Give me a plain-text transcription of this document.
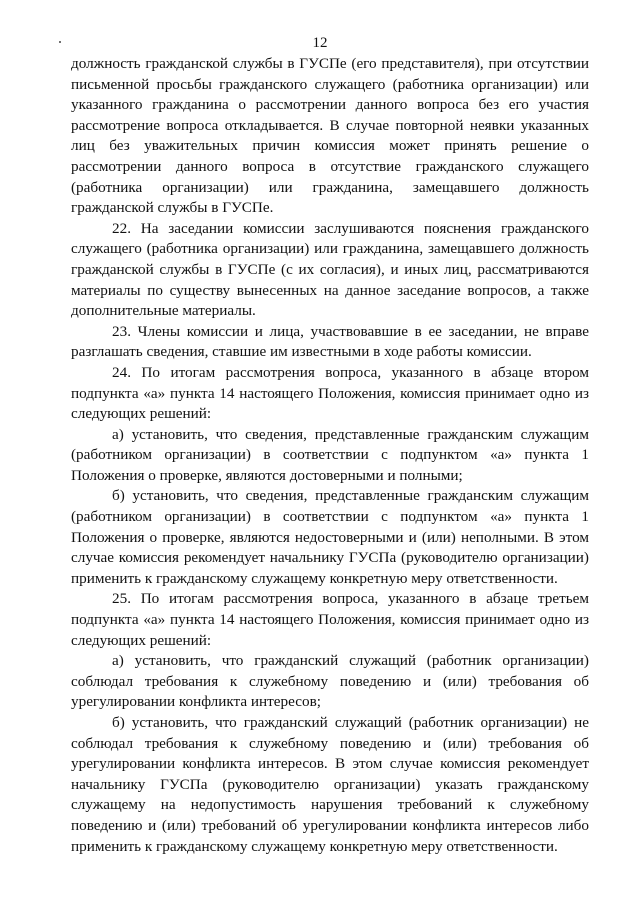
12

должность гражданской службы в ГУСПе (его представителя), при отсутствии письменной просьбы гражданского служащего (работника организации) или указанного гражданина о рассмотрении данного вопроса без его участия рассмотрение вопроса откладывается. В случае повторной неявки указанных лиц без уважительных причин комиссия может принять решение о рассмотрении данного вопроса в отсутствие гражданского служащего (работника организации) или гражданина, замещавшего должность гражданской службы в ГУСПе.

22. На заседании комиссии заслушиваются пояснения гражданского служащего (работника организации) или гражданина, замещавшего должность гражданской службы в ГУСПе (с их согласия), и иных лиц, рассматриваются материалы по существу вынесенных на данное заседание вопросов, а также дополнительные материалы.

23. Члены комиссии и лица, участвовавшие в ее заседании, не вправе разглашать сведения, ставшие им известными в ходе работы комиссии.

24. По итогам рассмотрения вопроса, указанного в абзаце втором подпункта «а» пункта 14 настоящего Положения, комиссия принимает одно из следующих решений:

а) установить, что сведения, представленные гражданским служащим (работником организации) в соответствии с подпунктом «а» пункта 1 Положения о проверке, являются достоверными и полными;

б) установить, что сведения, представленные гражданским служащим (работником организации) в соответствии с подпунктом «а» пункта 1 Положения о проверке, являются недостоверными и (или) неполными. В этом случае комиссия рекомендует начальнику ГУСПа (руководителю организации) применить к гражданскому служащему конкретную меру ответственности.

25. По итогам рассмотрения вопроса, указанного в абзаце третьем подпункта «а» пункта 14 настоящего Положения, комиссия принимает одно из следующих решений:

а) установить, что гражданский служащий (работник организации) соблюдал требования к служебному поведению и (или) требования об урегулировании конфликта интересов;

б) установить, что гражданский служащий (работник организации) не соблюдал требования к служебному поведению и (или) требования об урегулировании конфликта интересов. В этом случае комиссия рекомендует начальнику ГУСПа (руководителю организации) указать гражданскому служащему на недопустимость нарушения требований к служебному поведению и (или) требований об урегулировании конфликта интересов либо применить к гражданскому служащему конкретную меру ответственности.
